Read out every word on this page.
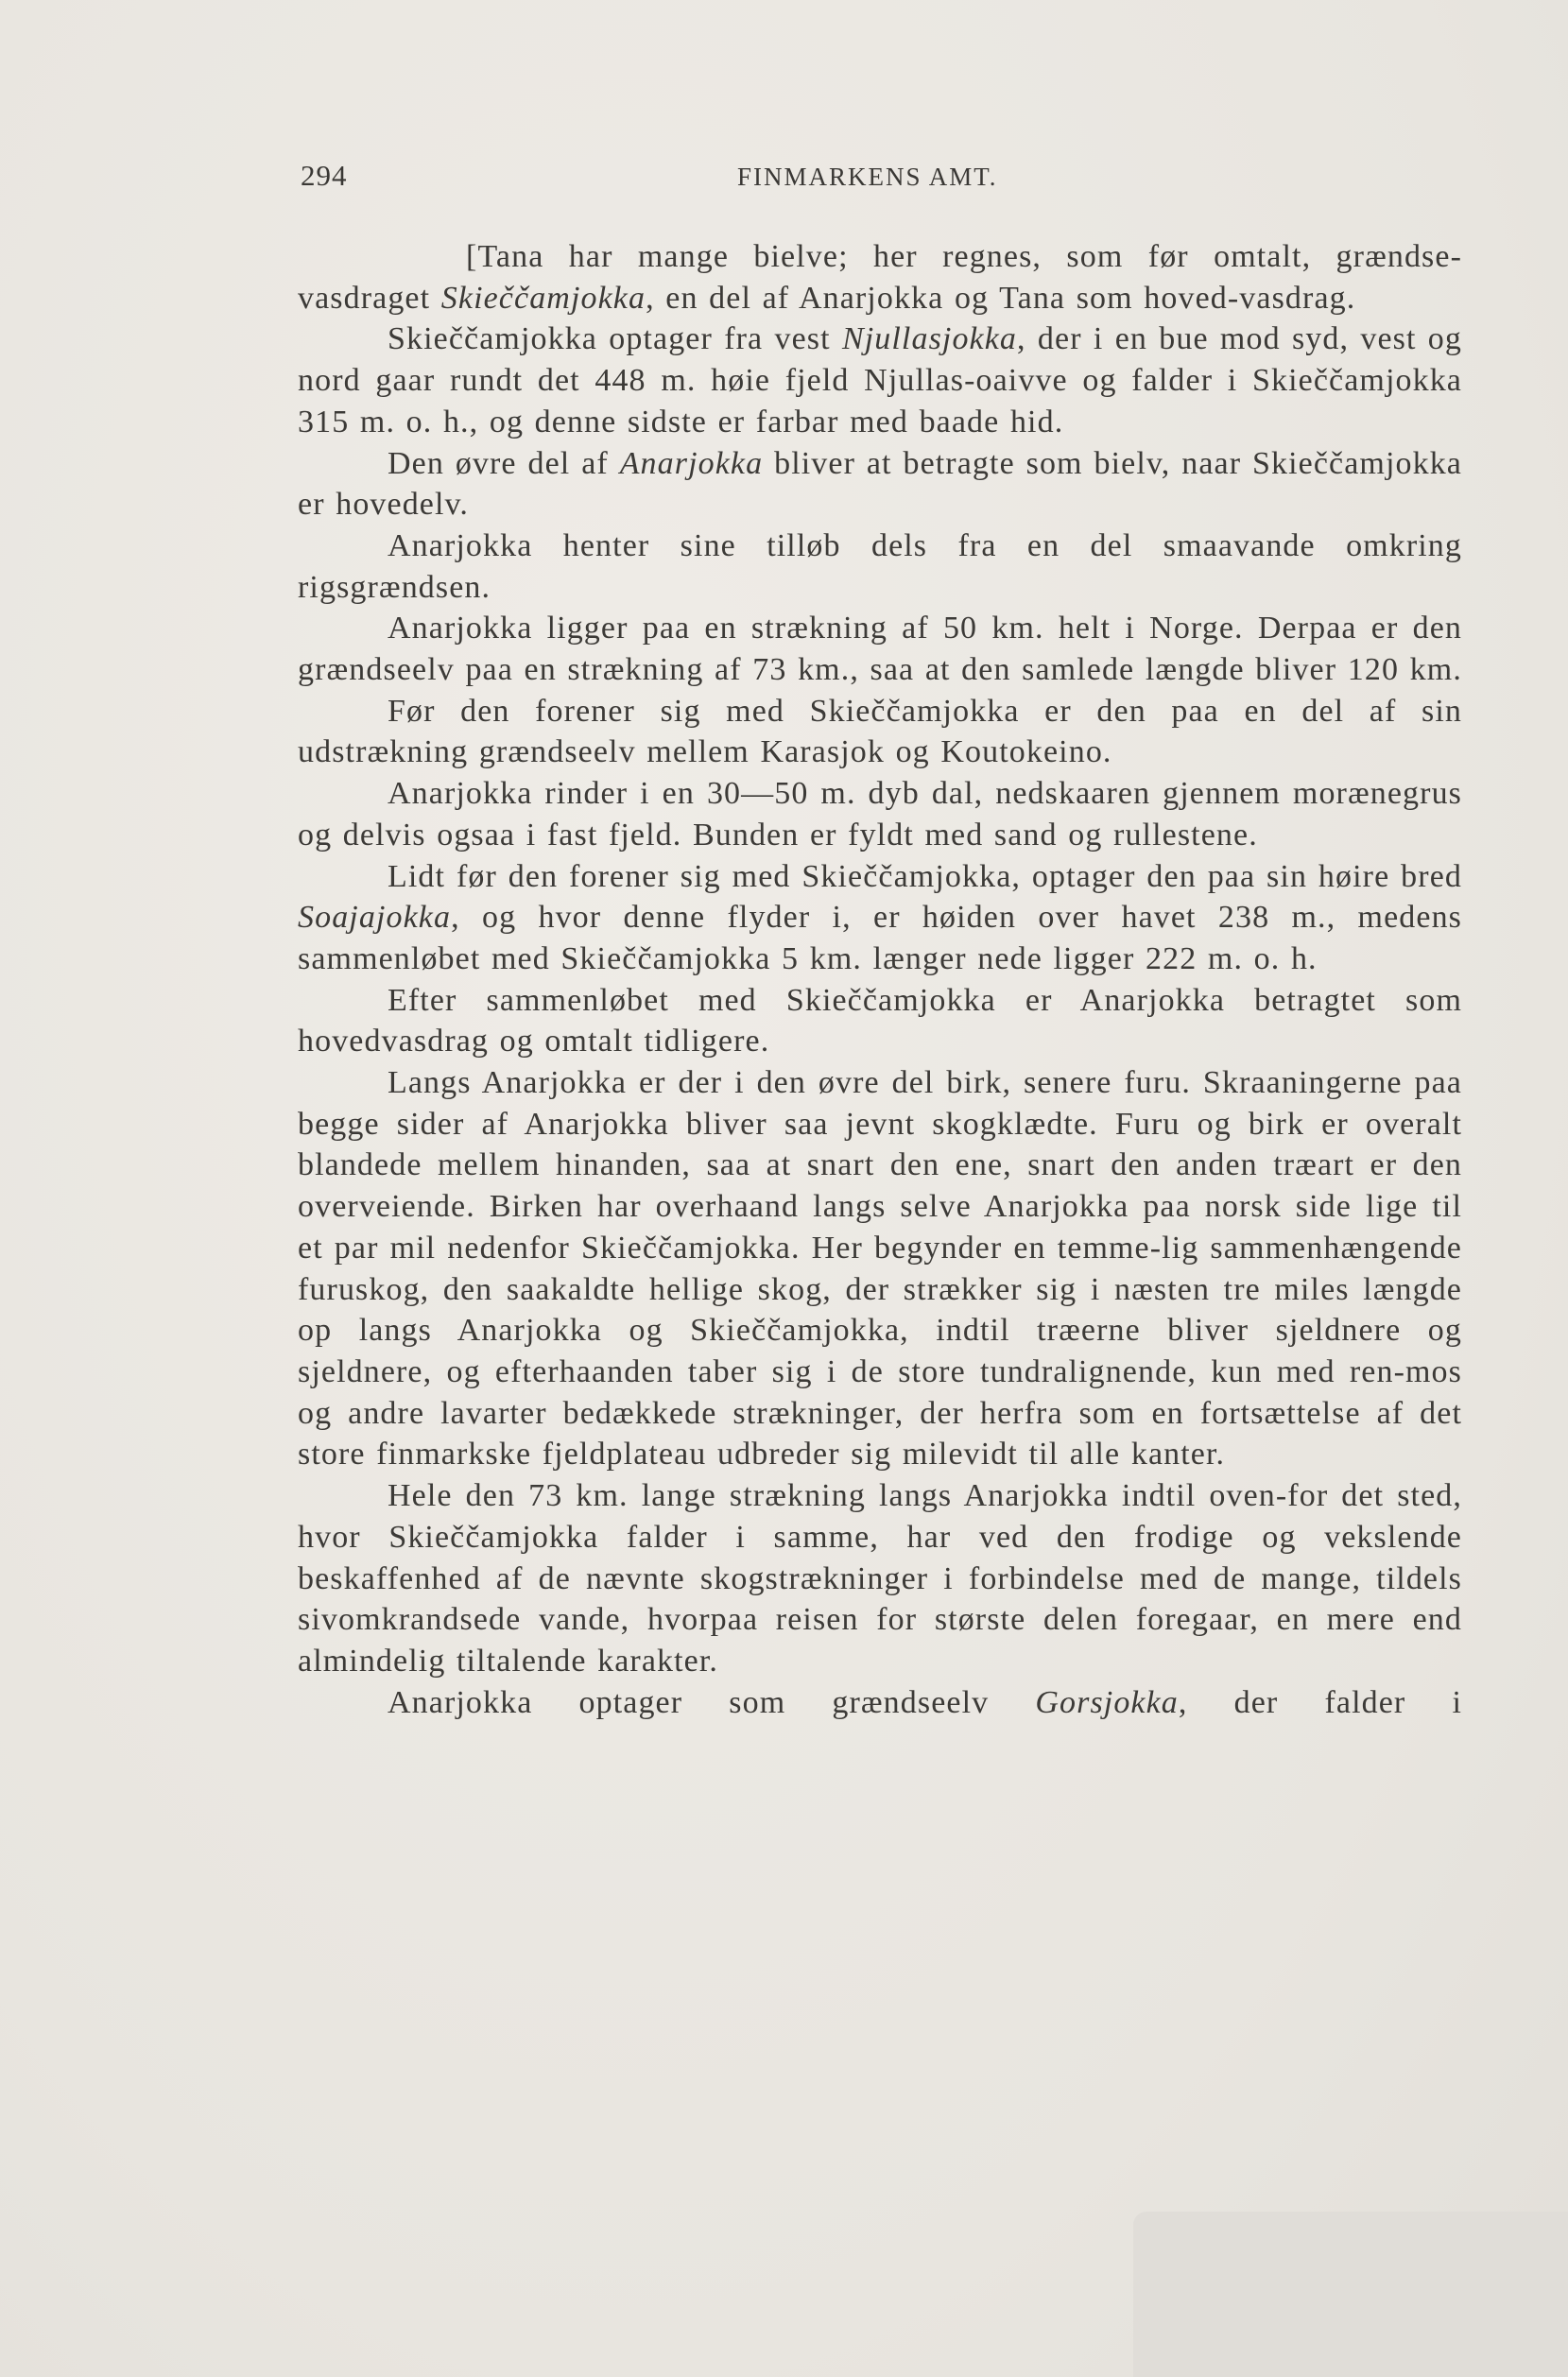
294	FINMARKENS AMT.

[Tana har mange bielve; her regnes, som før omtalt, grændse-vasdraget Skieččamjokka, en del af Anarjokka og Tana som hoved-vasdrag.

Skieččamjokka optager fra vest Njullasjokka, der i en bue mod syd, vest og nord gaar rundt det 448 m. høie fjeld Njullas-oaivve og falder i Skieččamjokka 315 m. o. h., og denne sidste er farbar med baade hid.

Den øvre del af Anarjokka bliver at betragte som bielv, naar Skieččamjokka er hovedelv.

Anarjokka henter sine tilløb dels fra en del smaavande omkring rigsgrændsen.

Anarjokka ligger paa en strækning af 50 km. helt i Norge. Derpaa er den grændseelv paa en strækning af 73 km., saa at den samlede længde bliver 120 km.

Før den forener sig med Skieččamjokka er den paa en del af sin udstrækning grændseelv mellem Karasjok og Koutokeino.

Anarjokka rinder i en 30—50 m. dyb dal, nedskaaren gjennem morænegrus og delvis ogsaa i fast fjeld. Bunden er fyldt med sand og rullestene.

Lidt før den forener sig med Skieččamjokka, optager den paa sin høire bred Soajajokka, og hvor denne flyder i, er høiden over havet 238 m., medens sammenløbet med Skieččamjokka 5 km. længer nede ligger 222 m. o. h.

Efter sammenløbet med Skieččamjokka er Anarjokka betragtet som hovedvasdrag og omtalt tidligere.

Langs Anarjokka er der i den øvre del birk, senere furu. Skraaningerne paa begge sider af Anarjokka bliver saa jevnt skogklædte. Furu og birk er overalt blandede mellem hinanden, saa at snart den ene, snart den anden træart er den overveiende. Birken har overhaand langs selve Anarjokka paa norsk side lige til et par mil nedenfor Skieččamjokka. Her begynder en temme-lig sammenhængende furuskog, den saakaldte hellige skog, der strækker sig i næsten tre miles længde op langs Anarjokka og Skieččamjokka, indtil træerne bliver sjeldnere og sjeldnere, og efterhaanden taber sig i de store tundralignende, kun med ren-mos og andre lavarter bedækkede strækninger, der herfra som en fortsættelse af det store finmarkske fjeldplateau udbreder sig milevidt til alle kanter.

Hele den 73 km. lange strækning langs Anarjokka indtil oven-for det sted, hvor Skieččamjokka falder i samme, har ved den frodige og vekslende beskaffenhed af de nævnte skogstrækninger i forbindelse med de mange, tildels sivomkrandsede vande, hvorpaa reisen for største delen foregaar, en mere end almindelig tiltalende karakter.

Anarjokka optager som grændseelv Gorsjokka, der falder i
